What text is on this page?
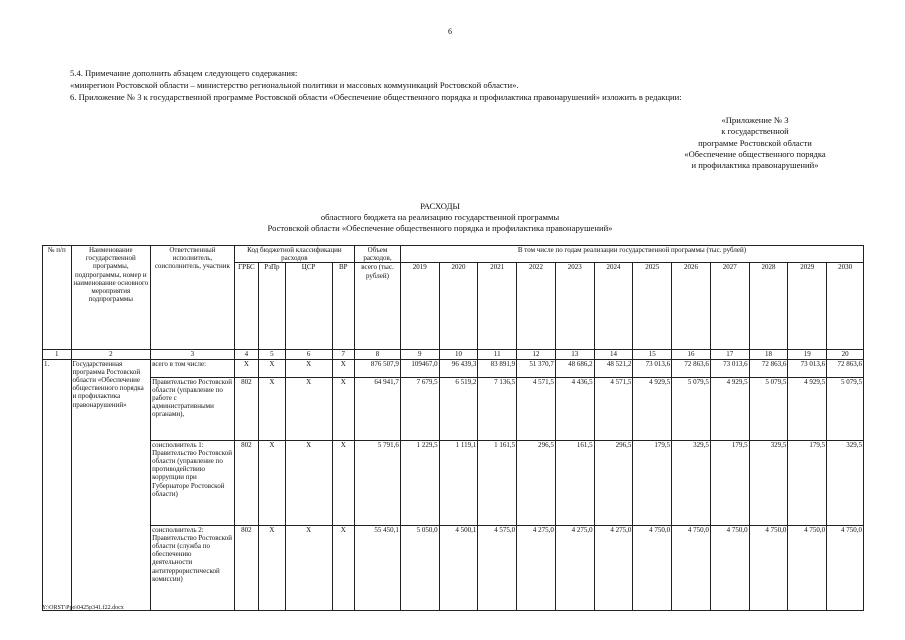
6

5.4. Примечание дополнить абзацем следующего содержания:

«минрегион Ростовской области – министерство региональной политики и массовых коммуникаций Ростовской области».

6. Приложение № 3 к государственной программе Ростовской области «Обеспечение общественного порядка и профилактика правонарушений» изложить в редакции:

«Приложение № 3
к государственной
программе Ростовской области
«Обеспечение общественного порядка
и профилактика правонарушений»
РАСХОДЫ
областного бюджета на реализацию государственной программы
Ростовской области «Обеспечение общественного порядка и профилактика правонарушений»
№ п/п	Наименование государственной программы, подпрограммы, номер и наименование основного мероприятия подпрограммы	Ответственный исполнитель, соисполнитель, участник	Код бюджетной классификации расходов				Объем расходов,	В том числе по годам реализации государственной программы (тыс. рублей)											
			ГРБС	РзПр	ЦСР	ВР	всего (тыс. рублей)	2019	2020	2021	2022	2023	2024	2025	2026	2027	2028	2029	2030
1	2	3	4	5	6	7	8	9	10	11	12	13	14	15	16	17	18	19	20
1.	Государственная программа Ростовской области «Обеспечение общественного порядка и профилактика правонарушений»	всего в том числе:	X	X	X	X	876 507,9	109467,0	96 439,3	83 891,9	51 370,7	48 686,2	48 521,2	73 013,6	72 863,6	73 013,6	72 863,6	73 013,6	72 863,6
		Правительство Ростовской области (управление по работе с административными органами),	802	X	X	X	64 941,7	7 679,5	6 519,2	7 136,5	4 571,5	4 436,5	4 571,5	4 929,5	5 079,5	4 929,5	5 079,5	4 929,5	5 079,5
		соисполнитель 1: Правительство Ростовской области (управление по противодействию коррупции при Губернаторе Ростовской области)	802	X	X	X	5 791,6	1 229,5	1 119,1	1 161,5	296,5	161,5	296,5	179,5	329,5	179,5	329,5	179,5	329,5
		соисполнитель 2: Правительство Ростовской области (служба по обеспечению деятельности антитеррористической комиссии)	802	X	X	X	55 450,1	5 050,0	4 500,1	4 575,0	4 275,0	4 275,0	4 275,0	4 750,0	4 750,0	4 750,0	4 750,0	4 750,0	4 750,0
Y:\ORST\Ppo\0425p341.f22.docx
